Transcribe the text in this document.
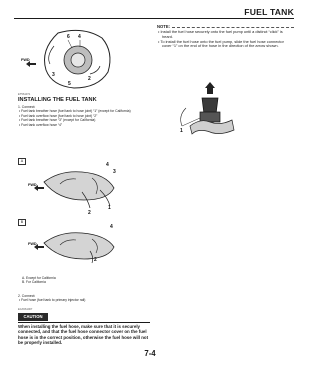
FUEL TANK
6 4
FWD
3
5
2
ET5S1071
INSTALLING THE FUEL TANK
1. Connect:
• Fuel tank breather hose (fuel tank to hose joint) “1” (except for California)
• Fuel tank overflow hose (fuel tank to hose joint) “2”
• Fuel tank breather hose “3” (except for California)
• Fuel tank overflow hose “4”
A
4
3
FWD
2
1
B
4
FWD
2
A. Except for California
B. For California
2. Connect:
• Fuel hose (fuel tank to primary injector rail)
ECA5S1007
CAUTION
When installing the fuel hose, make sure that it is securely connected, and that the fuel hose connector cover on the fuel hose is in the correct position, otherwise the fuel hose will not be properly installed.
NOTE:
• Install the fuel hose securely onto the fuel pump until a distinct “click” is heard.
• To install the fuel hose onto the fuel pump, slide the fuel hose connector cover “1” on the end of the hose in the direction of the arrow shown.
1
7-4
